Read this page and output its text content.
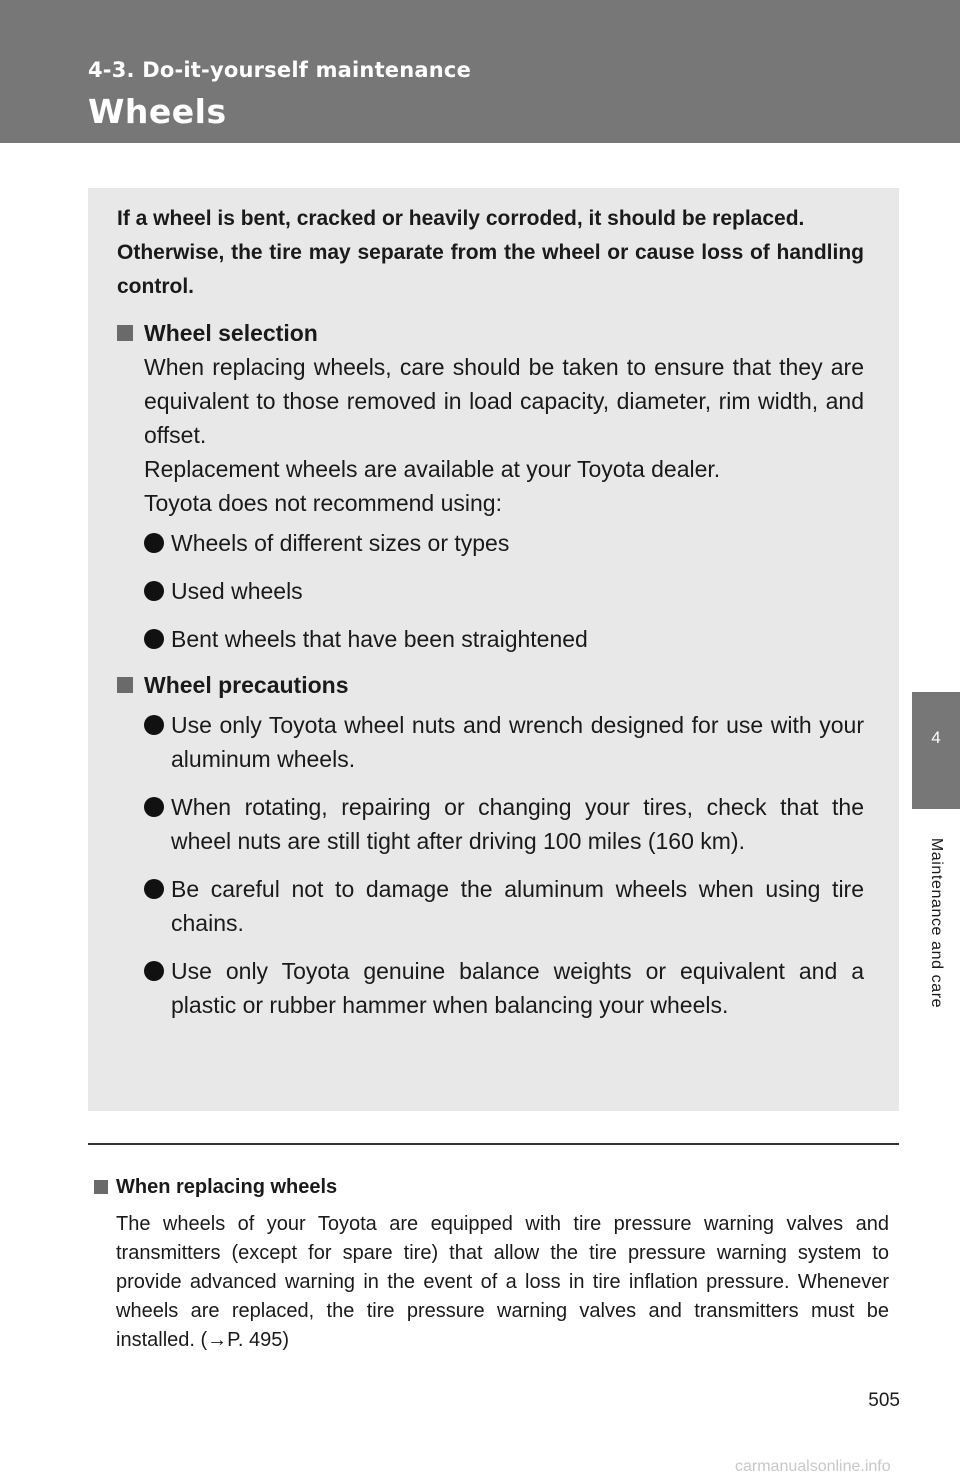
4-3. Do-it-yourself maintenance
Wheels
4
Maintenance and care

If a wheel is bent, cracked or heavily corroded, it should be replaced.

Otherwise, the tire may separate from the wheel or cause loss of handling control.

Wheel selection

When replacing wheels, care should be taken to ensure that they are equivalent to those removed in load capacity, diameter, rim width, and offset.

Replacement wheels are available at your Toyota dealer.

Toyota does not recommend using:

Wheels of different sizes or types
Used wheels
Bent wheels that have been straightened
Wheel precautions
Use only Toyota wheel nuts and wrench designed for use with your aluminum wheels.
When rotating, repairing or changing your tires, check that the wheel nuts are still tight after driving 100 miles (160 km).
Be careful not to damage the aluminum wheels when using tire chains.
Use only Toyota genuine balance weights or equivalent and a plastic or rubber hammer when balancing your wheels.
When replacing wheels

The wheels of your Toyota are equipped with tire pressure warning valves and transmitters (except for spare tire) that allow the tire pressure warning system to provide advanced warning in the event of a loss in tire inflation pressure. Whenever wheels are replaced, the tire pressure warning valves and transmitters must be installed. (→P. 495)

505
carmanualsonline.info
